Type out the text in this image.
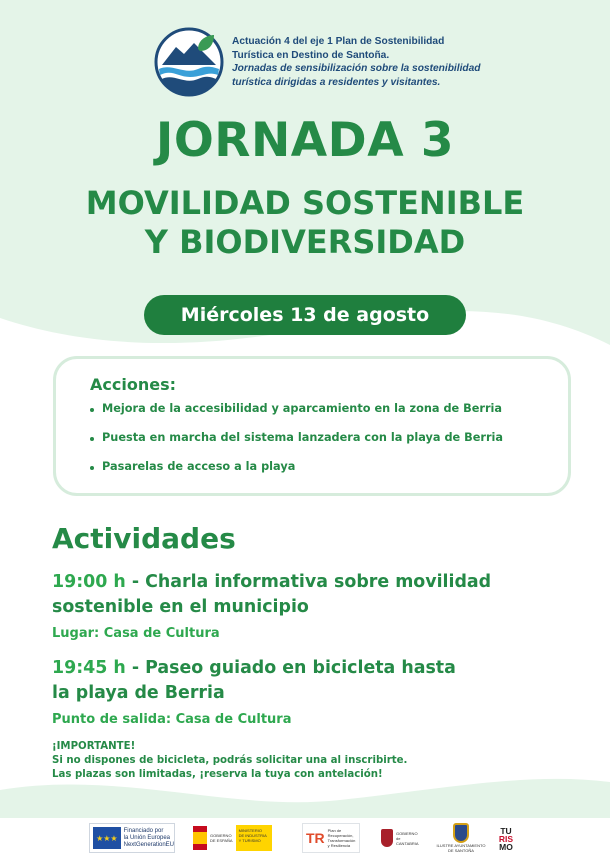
Actuación 4 del eje 1 Plan de Sostenibilidad
Turística en Destino de Santoña.
Jornadas de sensibilización sobre la sostenibilidad
turística dirigidas a residentes y visitantes.
JORNADA 3
MOVILIDAD SOSTENIBLE
Y BIODIVERSIDAD
Miércoles 13 de agosto
Acciones:
Mejora de la accesibilidad y aparcamiento en la zona de Berria
Puesta en marcha del sistema lanzadera con la playa de Berria
Pasarelas de acceso a la playa
Actividades
19:00 h - Charla informativa sobre movilidad
sostenible en el municipio
Lugar: Casa de Cultura
19:45 h - Paseo guiado en bicicleta hasta
la playa de Berria
Punto de salida: Casa de Cultura
¡IMPORTANTE!
Si no dispones de bicicleta, podrás solicitar una al inscribirte.
Las plazas son limitadas, ¡reserva la tuya con antelación!
★★★
Financiado por
la Unión Europea
NextGenerationEU
GOBIERNO
DE ESPAÑA
MINISTERIO
DE INDUSTRIA
Y TURISMO	TR Plan de
Recuperación,
Transformación
y Resiliencia
GOBIERNO
de
CANTABRIA	ILUSTRE AYUNTAMIENTO
DE SANTOÑA
TU
RIS
MO
